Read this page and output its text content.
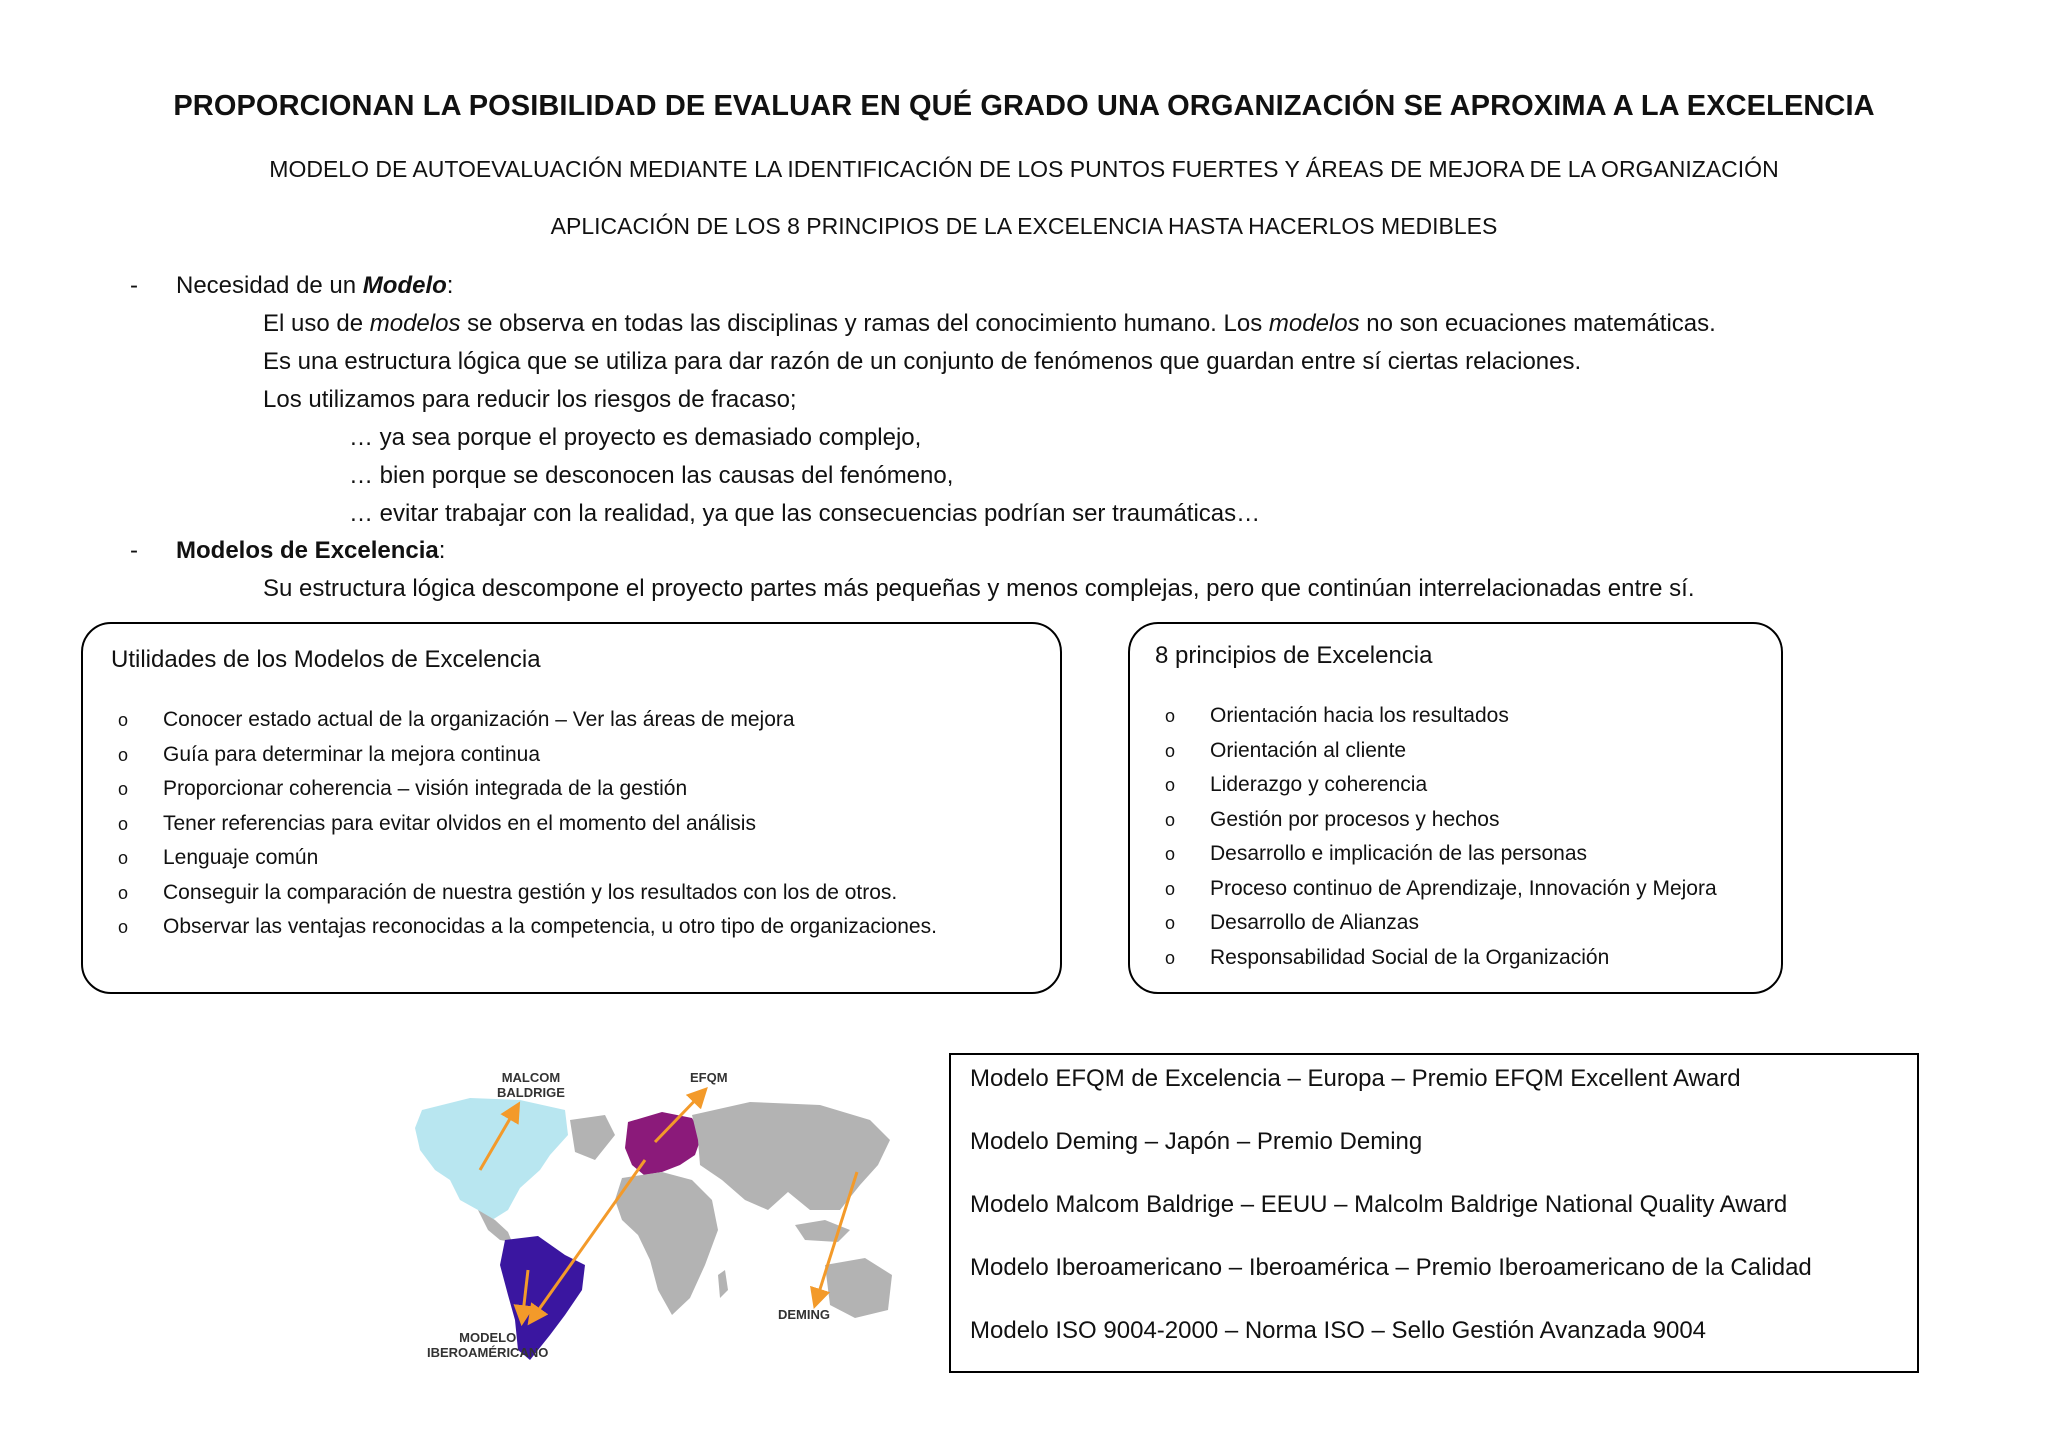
PROPORCIONAN LA POSIBILIDAD DE EVALUAR EN QUÉ GRADO UNA ORGANIZACIÓN SE APROXIMA A LA EXCELENCIA
MODELO DE AUTOEVALUACIÓN MEDIANTE LA IDENTIFICACIÓN DE LOS PUNTOS FUERTES Y ÁREAS DE MEJORA DE LA ORGANIZACIÓN
APLICACIÓN DE LOS 8 PRINCIPIOS DE LA EXCELENCIA HASTA HACERLOS MEDIBLES
- Necesidad de un Modelo:
El uso de modelos se observa en todas las disciplinas y ramas del conocimiento humano. Los modelos no son ecuaciones matemáticas.
Es una estructura lógica que se utiliza para dar razón de un conjunto de fenómenos que guardan entre sí ciertas relaciones.
Los utilizamos para reducir los riesgos de fracaso;
… ya sea porque el proyecto es demasiado complejo,
… bien porque se desconocen las causas del fenómeno,
… evitar trabajar con la realidad, ya que las consecuencias podrían ser traumáticas…
- Modelos de Excelencia:
Su estructura lógica descompone el proyecto partes más pequeñas y menos complejas, pero que continúan interrelacionadas entre sí.
Utilidades de los Modelos de Excelencia
o Conocer estado actual de la organización – Ver las áreas de mejora
o Guía para determinar la mejora continua
o Proporcionar coherencia – visión integrada de la gestión
o Tener referencias para evitar olvidos en el momento del análisis
o Lenguaje común
o Conseguir la comparación de nuestra gestión y los resultados con los de otros.
o Observar las ventajas reconocidas a la competencia, u otro tipo de organizaciones.
8 principios de Excelencia
o Orientación hacia los resultados
o Orientación al cliente
o Liderazgo y coherencia
o Gestión por procesos y hechos
o Desarrollo e implicación de las personas
o Proceso continuo de Aprendizaje, Innovación y Mejora
o Desarrollo de Alianzas
o Responsabilidad Social de la Organización
MALCOM
BALDRIGE
EFQM
DEMING
MODELO
IBEROAMÉRICANO
Modelo EFQM de Excelencia – Europa – Premio EFQM Excellent Award
Modelo Deming – Japón – Premio Deming
Modelo Malcom Baldrige – EEUU – Malcolm Baldrige National Quality Award
Modelo Iberoamericano – Iberoamérica – Premio Iberoamericano de la Calidad
Modelo ISO 9004-2000 – Norma ISO – Sello Gestión Avanzada 9004
